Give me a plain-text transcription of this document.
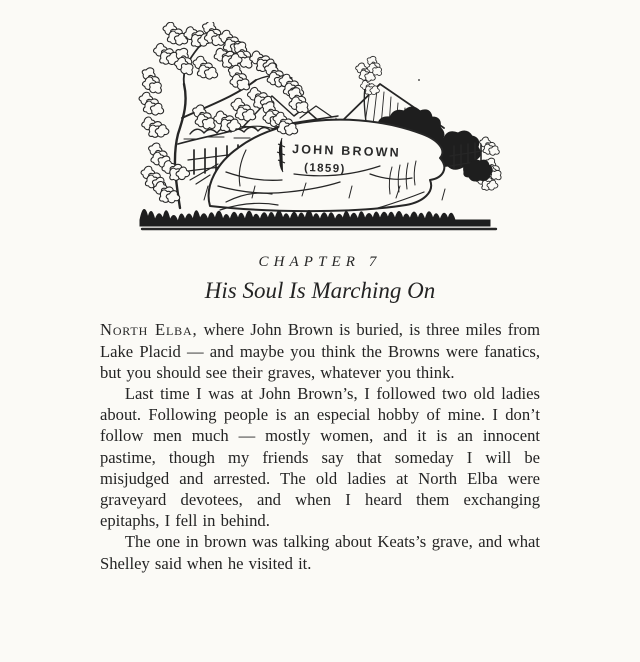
JOHN BROWN
(1859)
CHAPTER 7
His Soul Is Marching On

North Elba, where John Brown is buried, is three miles from Lake Placid — and maybe you think the Browns were fanatics, but you should see their graves, whatever you think.

Last time I was at John Brown’s, I followed two old ladies about. Following people is an especial hobby of mine. I don’t follow men much — mostly women, and it is an innocent pastime, though my friends say that someday I will be misjudged and arrested. The old ladies at North Elba were graveyard devotees, and when I heard them exchanging epitaphs, I fell in behind.

The one in brown was talking about Keats’s grave, and what Shelley said when he visited it.
